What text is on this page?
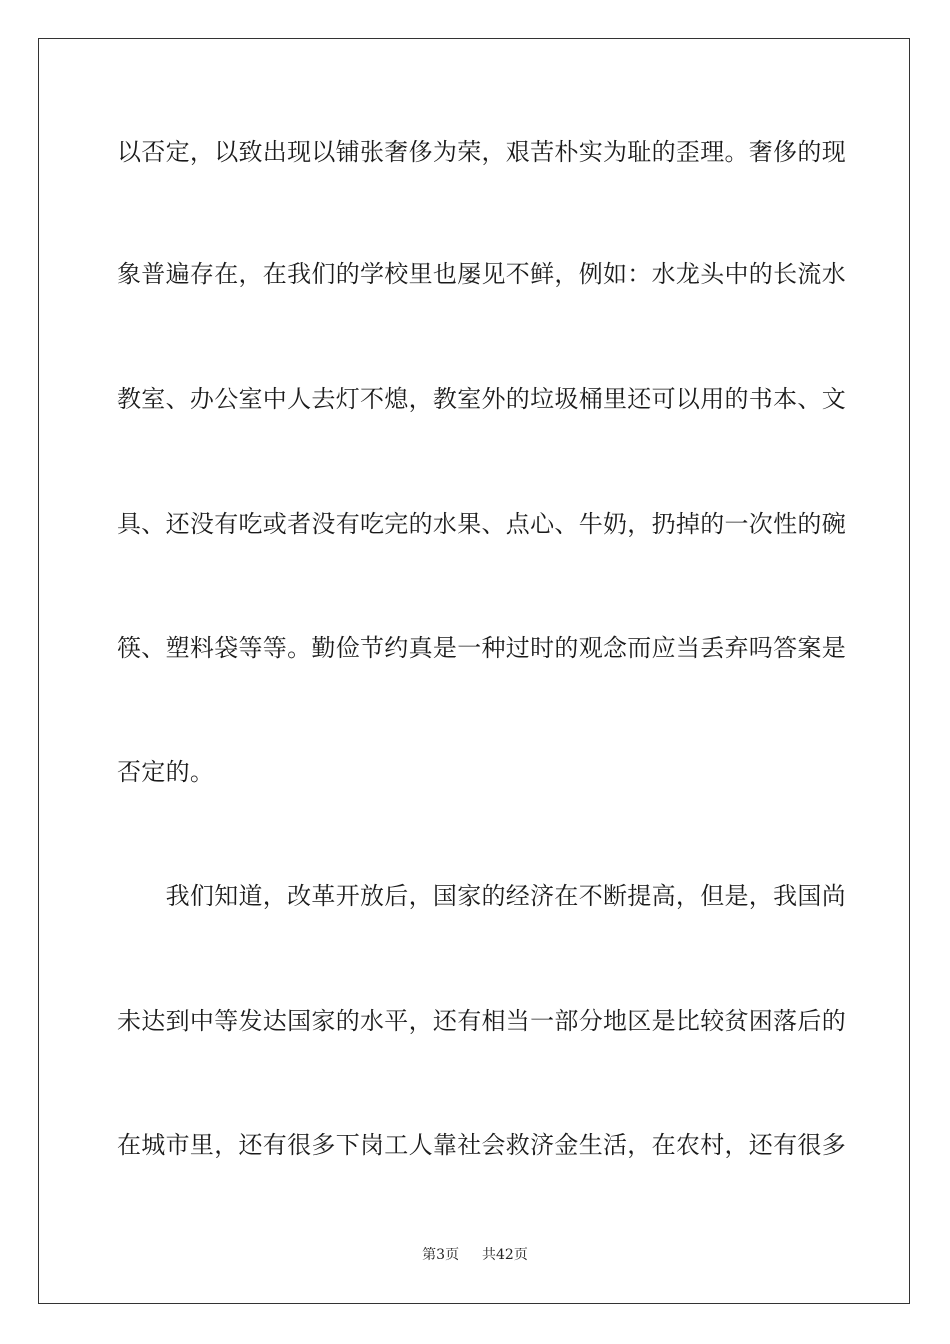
以否定，以致出现以铺张奢侈为荣，艰苦朴实为耻的歪理。奢侈的现
象普遍存在，在我们的学校里也屡见不鲜，例如：水龙头中的长流水
教室、办公室中人去灯不熄，教室外的垃圾桶里还可以用的书本、文
具、还没有吃或者没有吃完的水果、点心、牛奶，扔掉的一次性的碗
筷、塑料袋等等。勤俭节约真是一种过时的观念而应当丢弃吗答案是
否定的。
　　我们知道，改革开放后，国家的经济在不断提高，但是，我国尚
未达到中等发达国家的水平，还有相当一部分地区是比较贫困落后的
在城市里，还有很多下岗工人靠社会救济金生活，在农村，还有很多
第3页 共42页
